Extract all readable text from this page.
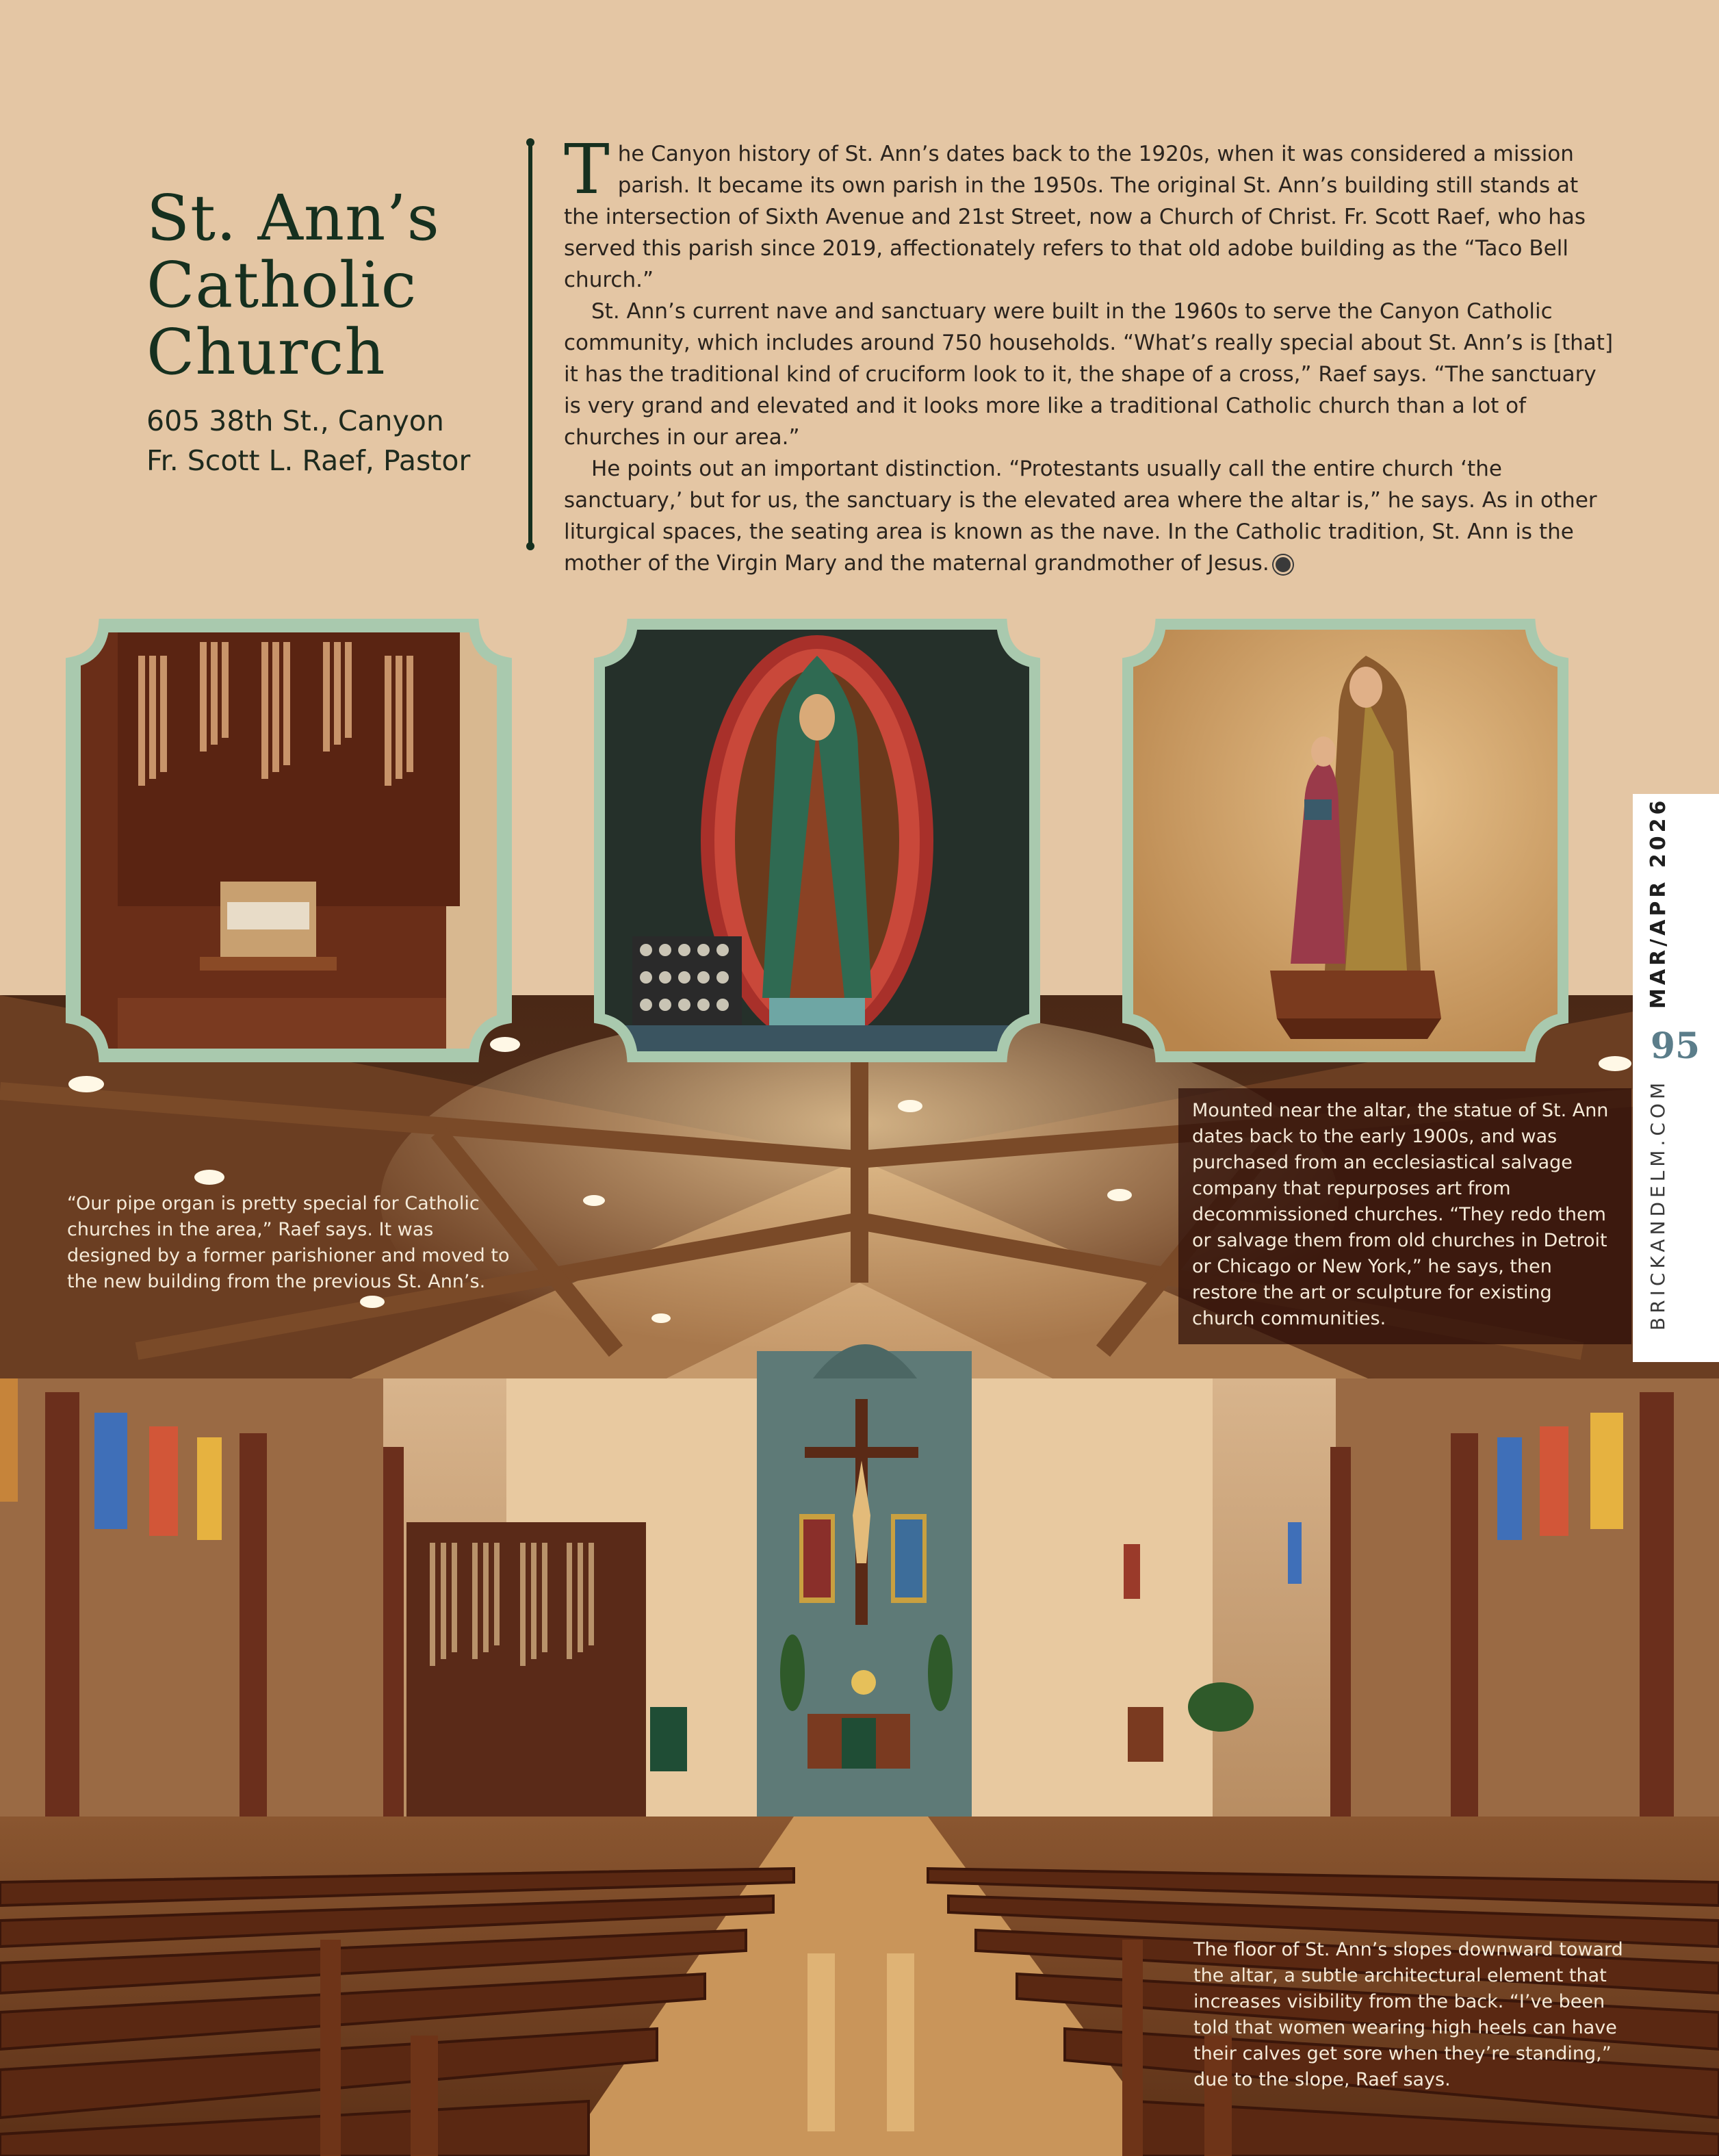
St. Ann’s
Catholic
Church

605 38th St., Canyon

Fr. Scott L. Raef, Pastor

The Canyon history of St. Ann’s dates back to the 1920s, when it was considered a mission parish. It became its own parish in the 1950s. The original St. Ann’s building still stands at the intersection of Sixth Avenue and 21st Street, now a Church of Christ. Fr. Scott Raef, who has served this parish since 2019, affectionately refers to that old adobe building as the “Taco Bell church.”

St. Ann’s current nave and sanctuary were built in the 1960s to serve the Canyon Catholic community, which includes around 750 households. “What’s really special about St. Ann’s is [that] it has the traditional kind of cruciform look to it, the shape of a cross,” Raef says. “The sanctuary is very grand and elevated and it looks more like a traditional Catholic church than a lot of churches in our area.”

He points out an important distinction. “Protestants usually call the entire church ‘the sanctuary,’ but for us, the sanctuary is the elevated area where the altar is,” he says. As in other liturgical spaces, the seating area is known as the nave. In the Catholic tradition, St. Ann is the mother of the Virgin Mary and the maternal grandmother of Jesus.

“Our pipe organ is pretty special for Catholic churches in the area,” Raef says. It was designed by a former parishioner and moved to the new building from the previous St. Ann’s.

Mounted near the altar, the statue of St. Ann dates back to the early 1900s, and was purchased from an ecclesiastical salvage company that repurposes art from decommissioned churches. “They redo them or salvage them from old churches in Detroit or Chicago or New York,” he says, then restore the art or sculpture for existing church communities.

The floor of St. Ann’s slopes downward toward the altar, a subtle architectural element that increases visibility from the back. “I’ve been told that women wearing high heels can have their calves get sore when they’re standing,” due to the slope, Raef says.

MAR/APR 2026
95
BRICKANDELM.COM
